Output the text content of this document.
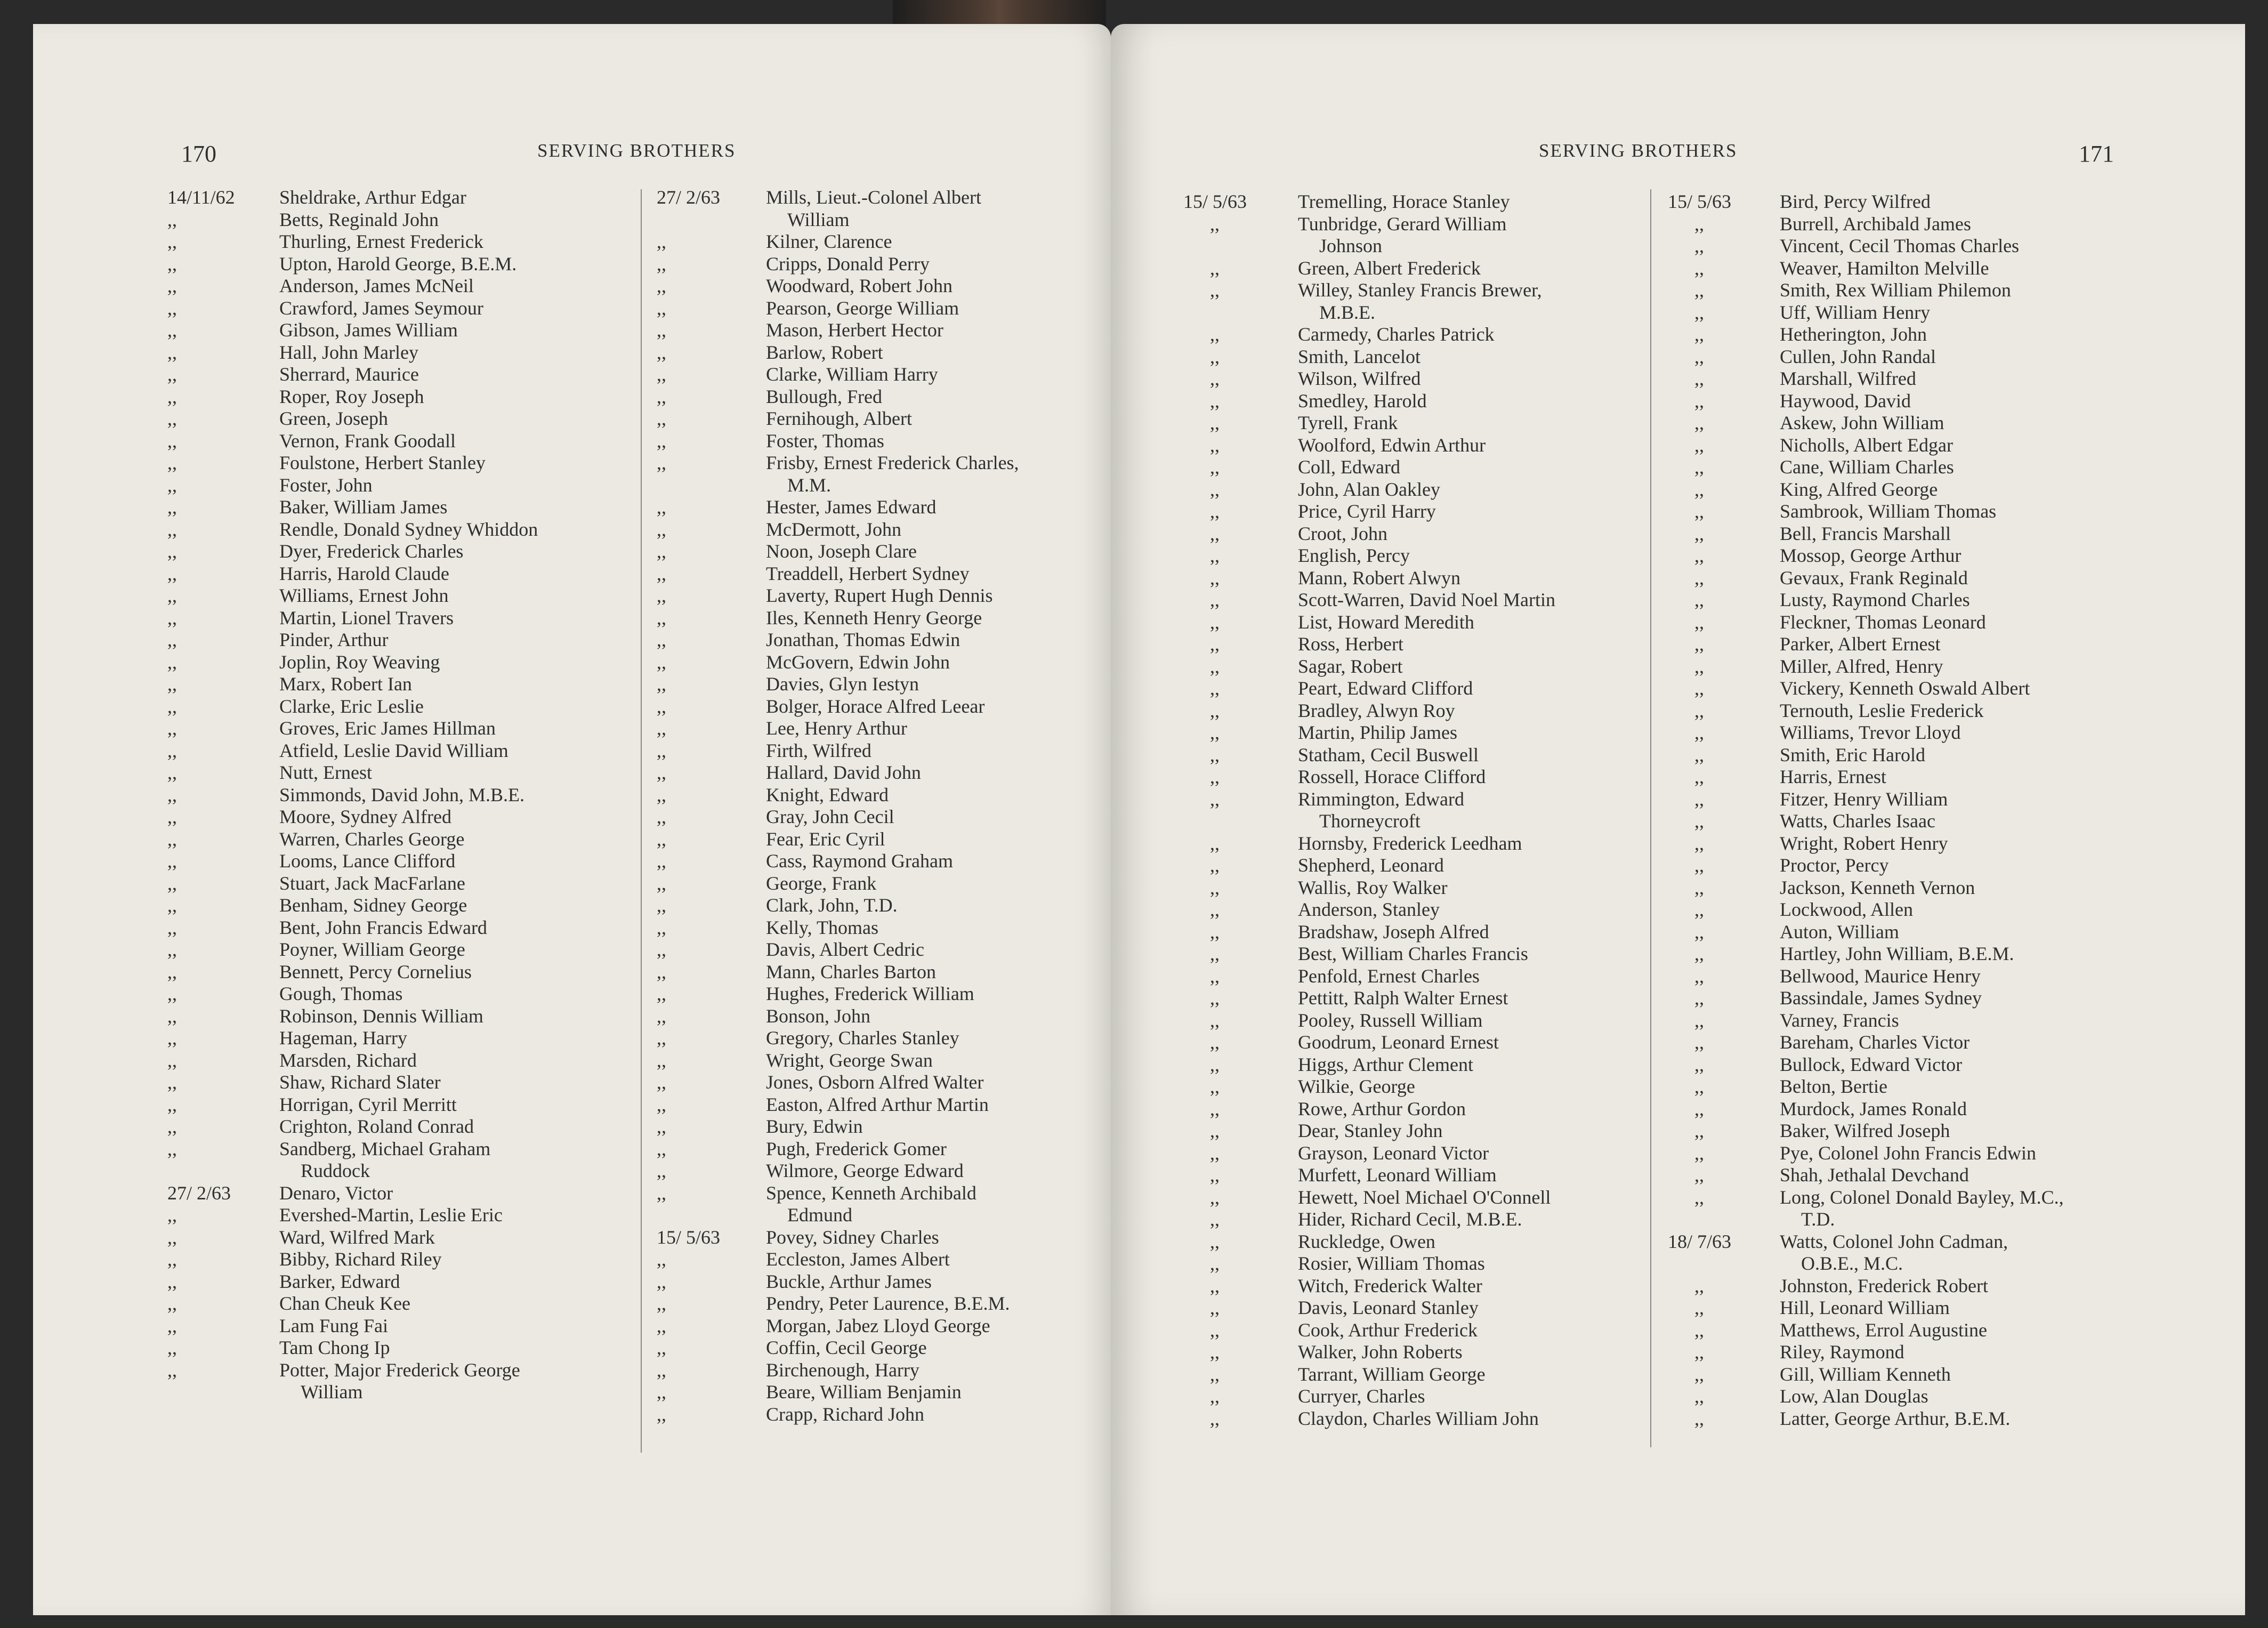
170	SERVING BROTHERS
14/11/62 Sheldrake, Arthur Edgar
,,	Betts, Reginald John
,,	Thurling, Ernest Frederick
,,	Upton, Harold George, B.E.M.
,,	Anderson, James McNeil
,,	Crawford, James Seymour
,,	Gibson, James William
,,	Hall, John Marley
,,	Sherrard, Maurice
,,	Roper, Roy Joseph
,,	Green, Joseph
,,	Vernon, Frank Goodall
,,	Foulstone, Herbert Stanley
,,	Foster, John
,,	Baker, William James
,,	Rendle, Donald Sydney Whiddon
,,	Dyer, Frederick Charles
,,	Harris, Harold Claude
,,	Williams, Ernest John
,,	Martin, Lionel Travers
,,	Pinder, Arthur
,,	Joplin, Roy Weaving
,,	Marx, Robert Ian
,,	Clarke, Eric Leslie
,,	Groves, Eric James Hillman
,,	Atfield, Leslie David William
,,	Nutt, Ernest
,,	Simmonds, David John, M.B.E.
,,	Moore, Sydney Alfred
,,	Warren, Charles George
,,	Looms, Lance Clifford
,,	Stuart, Jack MacFarlane
,,	Benham, Sidney George
,,	Bent, John Francis Edward
,,	Poyner, William George
,,	Bennett, Percy Cornelius
,,	Gough, Thomas
,,	Robinson, Dennis William
,,	Hageman, Harry
,,	Marsden, Richard
,,	Shaw, Richard Slater
,,	Horrigan, Cyril Merritt
,,	Crighton, Roland Conrad
,,	Sandberg, Michael Graham
Ruddock
27/ 2/63	Denaro, Victor
,,	Evershed-Martin, Leslie Eric
,,	Ward, Wilfred Mark
,,	Bibby, Richard Riley
,,	Barker, Edward
,,	Chan Cheuk Kee
,,	Lam Fung Fai
,,	Tam Chong Ip
,,	Potter, Major Frederick George
William
27/ 2/63 Mills, Lieut.-Colonel Albert
William
,,	Kilner, Clarence
,,	Cripps, Donald Perry
,,	Woodward, Robert John
,,	Pearson, George William
,,	Mason, Herbert Hector
,,	Barlow, Robert
,,	Clarke, William Harry
,,	Bullough, Fred
,,	Fernihough, Albert
,,	Foster, Thomas
,,	Frisby, Ernest Frederick Charles,
M.M.
,,	Hester, James Edward
,,	McDermott, John
,,	Noon, Joseph Clare
,,	Treaddell, Herbert Sydney
,,	Laverty, Rupert Hugh Dennis
,,	Iles, Kenneth Henry George
,,	Jonathan, Thomas Edwin
,,	McGovern, Edwin John
,,	Davies, Glyn Iestyn
,,	Bolger, Horace Alfred Leear
,,	Lee, Henry Arthur
,,	Firth, Wilfred
,,	Hallard, David John
,,	Knight, Edward
,,	Gray, John Cecil
,,	Fear, Eric Cyril
,,	Cass, Raymond Graham
,,	George, Frank
,,	Clark, John, T.D.
,,	Kelly, Thomas
,,	Davis, Albert Cedric
,,	Mann, Charles Barton
,,	Hughes, Frederick William
,,	Bonson, John
,,	Gregory, Charles Stanley
,,	Wright, George Swan
,,	Jones, Osborn Alfred Walter
,,	Easton, Alfred Arthur Martin
,,	Bury, Edwin
,,	Pugh, Frederick Gomer
,,	Wilmore, George Edward
,,	Spence, Kenneth Archibald
Edmund
15/ 5/63 Povey, Sidney Charles
,,	Eccleston, James Albert
,,	Buckle, Arthur James
,,	Pendry, Peter Laurence, B.E.M.
,,	Morgan, Jabez Lloyd George
,,	Coffin, Cecil George
,,	Birchenough, Harry
,,	Beare, William Benjamin
,,	Crapp, Richard John
SERVING BROTHERS	171
15/ 5/63	Tremelling, Horace Stanley
,,	Tunbridge, Gerard William
Johnson
,,	Green, Albert Frederick
,,	Willey, Stanley Francis Brewer,
M.B.E.
,,	Carmedy, Charles Patrick
,,	Smith, Lancelot
,,	Wilson, Wilfred
,,	Smedley, Harold
,,	Tyrell, Frank
,,	Woolford, Edwin Arthur
,,	Coll, Edward
,,	John, Alan Oakley
,,	Price, Cyril Harry
,,	Croot, John
,,	English, Percy
,,	Mann, Robert Alwyn
,,	Scott-Warren, David Noel Martin
,,	List, Howard Meredith
,,	Ross, Herbert
,,	Sagar, Robert
,,	Peart, Edward Clifford
,,	Bradley, Alwyn Roy
,,	Martin, Philip James
,,	Statham, Cecil Buswell
,,	Rossell, Horace Clifford
,,	Rimmington, Edward
Thorneycroft
,,	Hornsby, Frederick Leedham
,,	Shepherd, Leonard
,,	Wallis, Roy Walker
,,	Anderson, Stanley
,,	Bradshaw, Joseph Alfred
,,	Best, William Charles Francis
,,	Penfold, Ernest Charles
,,	Pettitt, Ralph Walter Ernest
,,	Pooley, Russell William
,,	Goodrum, Leonard Ernest
,,	Higgs, Arthur Clement
,,	Wilkie, George
,,	Rowe, Arthur Gordon
,,	Dear, Stanley John
,,	Grayson, Leonard Victor
,,	Murfett, Leonard William
,,	Hewett, Noel Michael O'Connell
,,	Hider, Richard Cecil, M.B.E.
,,	Ruckledge, Owen
,,	Rosier, William Thomas
,,	Witch, Frederick Walter
,,	Davis, Leonard Stanley
,,	Cook, Arthur Frederick
,,	Walker, John Roberts
,,	Tarrant, William George
,,	Curryer, Charles
,,	Claydon, Charles William John
15/ 5/63	Bird, Percy Wilfred
,,	Burrell, Archibald James
,,	Vincent, Cecil Thomas Charles
,,	Weaver, Hamilton Melville
,,	Smith, Rex William Philemon
,,	Uff, William Henry
,,	Hetherington, John
,,	Cullen, John Randal
,,	Marshall, Wilfred
,,	Haywood, David
,,	Askew, John William
,,	Nicholls, Albert Edgar
,,	Cane, William Charles
,,	King, Alfred George
,,	Sambrook, William Thomas
,,	Bell, Francis Marshall
,,	Mossop, George Arthur
,,	Gevaux, Frank Reginald
,,	Lusty, Raymond Charles
,,	Fleckner, Thomas Leonard
,,	Parker, Albert Ernest
,,	Miller, Alfred, Henry
,,	Vickery, Kenneth Oswald Albert
,,	Ternouth, Leslie Frederick
,,	Williams, Trevor Lloyd
,,	Smith, Eric Harold
,,	Harris, Ernest
,,	Fitzer, Henry William
,,	Watts, Charles Isaac
,,	Wright, Robert Henry
,,	Proctor, Percy
,,	Jackson, Kenneth Vernon
,,	Lockwood, Allen
,,	Auton, William
,,	Hartley, John William, B.E.M.
,,	Bellwood, Maurice Henry
,,	Bassindale, James Sydney
,,	Varney, Francis
,,	Bareham, Charles Victor
,,	Bullock, Edward Victor
,,	Belton, Bertie
,,	Murdock, James Ronald
,,	Baker, Wilfred Joseph
,,	Pye, Colonel John Francis Edwin
,,	Shah, Jethalal Devchand
,,	Long, Colonel Donald Bayley, M.C.,
T.D.
18/ 7/63	Watts, Colonel John Cadman,
O.B.E., M.C.
,,	Johnston, Frederick Robert
,,	Hill, Leonard William
,,	Matthews, Errol Augustine
,,	Riley, Raymond
,,	Gill, William Kenneth
,,	Low, Alan Douglas
,,	Latter, George Arthur, B.E.M.
